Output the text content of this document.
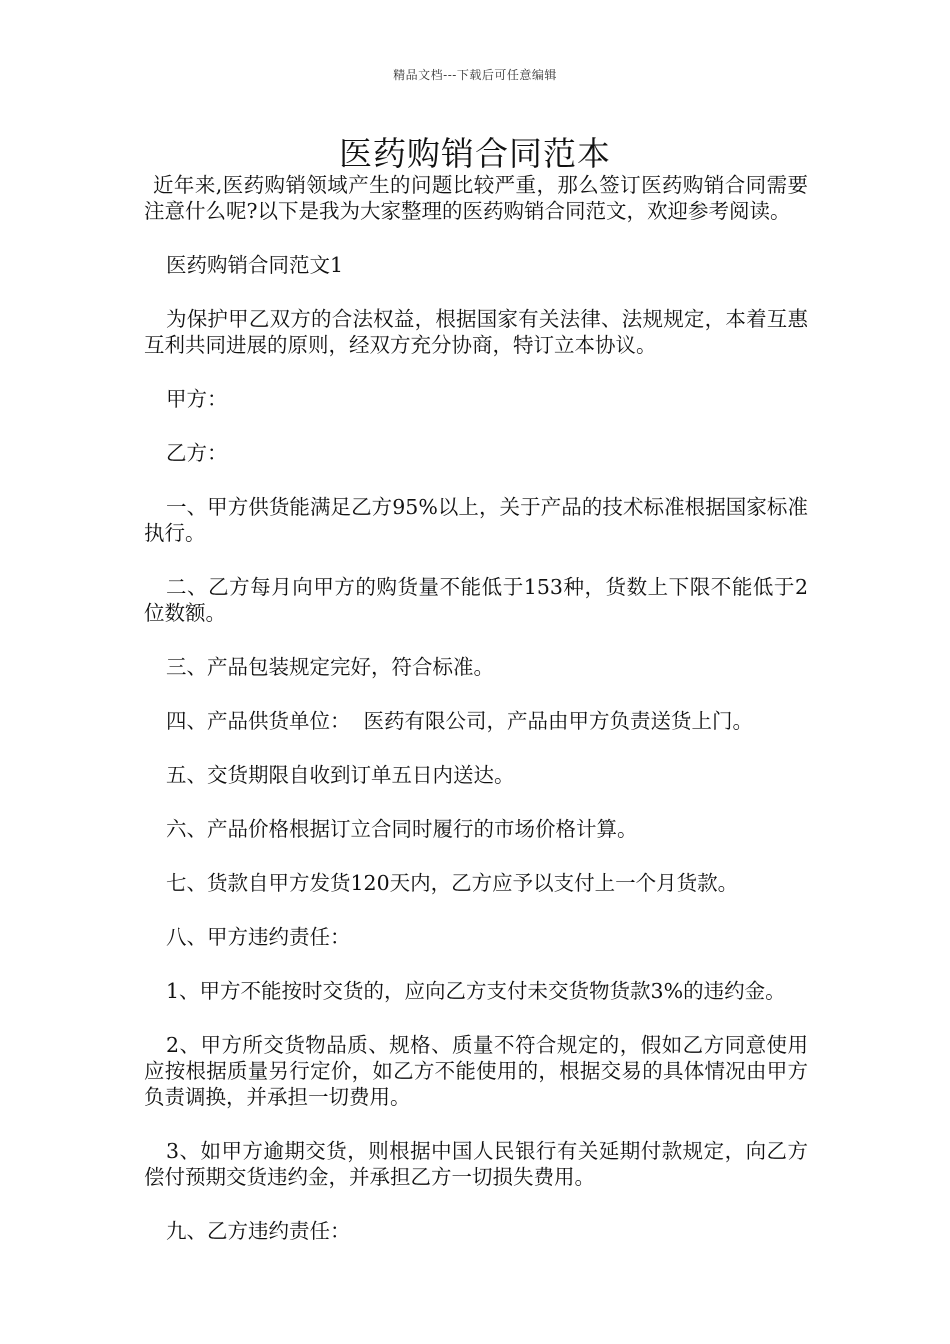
精品文档---下载后可任意编辑
医药购销合同范本

近年来,医药购销领域产生的问题比较严重，那么签订医药购销合同需要注意什么呢?以下是我为大家整理的医药购销合同范文，欢迎参考阅读。

医药购销合同范文1

为保护甲乙双方的合法权益，根据国家有关法律、法规规定，本着互惠互利共同进展的原则，经双方充分协商，特订立本协议。

甲方：

乙方：

一、甲方供货能满足乙方95%以上，关于产品的技术标准根据国家标准执行。

二、乙方每月向甲方的购货量不能低于153种，货数上下限不能低于2位数额。

三、产品包装规定完好，符合标准。

四、产品供货单位：  医药有限公司，产品由甲方负责送货上门。

五、交货期限自收到订单五日内送达。

六、产品价格根据订立合同时履行的市场价格计算。

七、货款自甲方发货120天内，乙方应予以支付上一个月货款。

八、甲方违约责任：

1、甲方不能按时交货的，应向乙方支付未交货物货款3%的违约金。

2、甲方所交货物品质、规格、质量不符合规定的，假如乙方同意使用应按根据质量另行定价，如乙方不能使用的，根据交易的具体情况由甲方负责调换，并承担一切费用。

3、如甲方逾期交货，则根据中国人民银行有关延期付款规定，向乙方偿付预期交货违约金，并承担乙方一切损失费用。

九、乙方违约责任：
